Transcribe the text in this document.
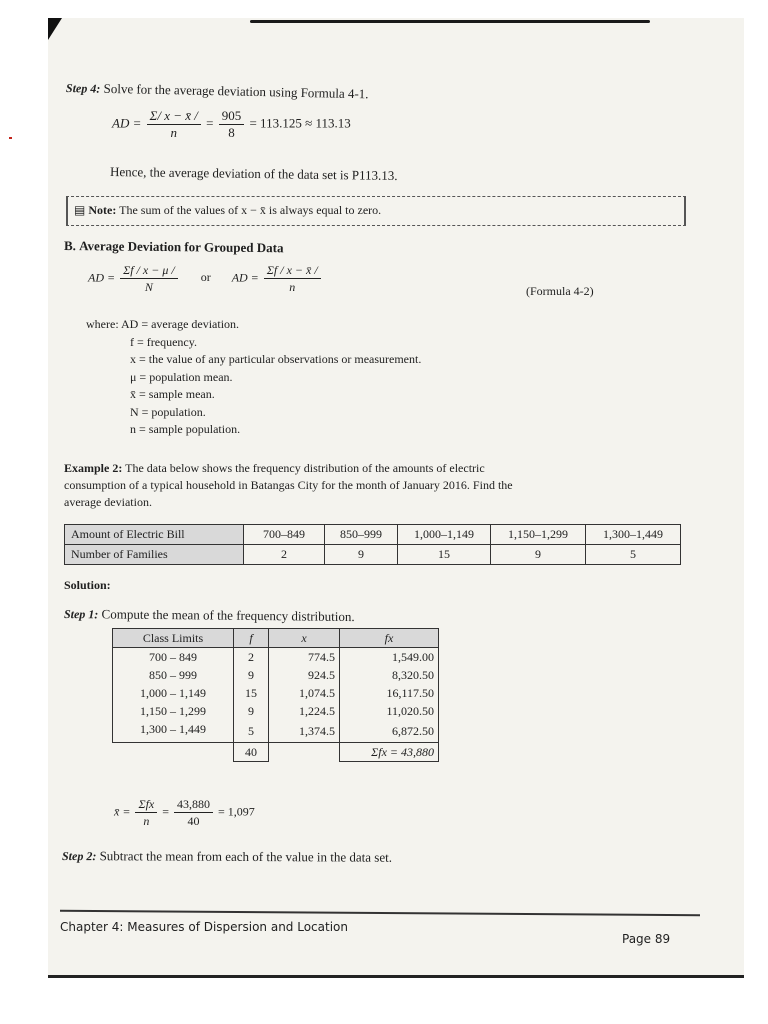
Step 4: Solve for the average deviation using Formula 4-1.
AD = $\frac{\Sigma/ x - x̄ /}{n} = \frac{905}{8} = 113.125 \approx 113.13$
Hence, the average deviation of the data set is P113.13.
▤ Note: The sum of the values of x − x̄ is always equal to zero.
B. Average Deviation for Grouped Data
AD = $\frac{\Sigma f / x - \mu /}{N}$ or AD = $\frac{\Sigma f / x - x̄ /}{n}$	(Formula 4-2)
where: AD = average deviation.
f = frequency.
x = the value of any particular observations or measurement.
μ = population mean.
x̄ = sample mean.
N = population.
n = sample population.
Example 2: The data below shows the frequency distribution of the amounts of electric
consumption of a typical household in Batangas City for the month of January 2016. Find the
average deviation.
Amount of Electric Bill	700–849	850–999	1,000–1,149	1,150–1,299	1,300–1,449
Number of Families	2	9	15	9	5
Solution:
Step 1: Compute the mean of the frequency distribution.
Class Limits	f	x	fx
700 – 849	2	774.5	1,549.00
850 – 999	9	924.5	8,320.50
1,000 – 1,149	15	1,074.5	16,117.50
1,150 – 1,299	9	1,224.5	11,020.50
1,300 – 1,449	5	1,374.5	6,872.50
	40		Σfx = 43,880
x̄ = $\frac{\text{Σfx}}{n} = \frac{43,880}{40} = 1,097$
Step 2: Subtract the mean from each of the value in the data set.
Chapter 4: Measures of Dispersion and Location
Page 89
